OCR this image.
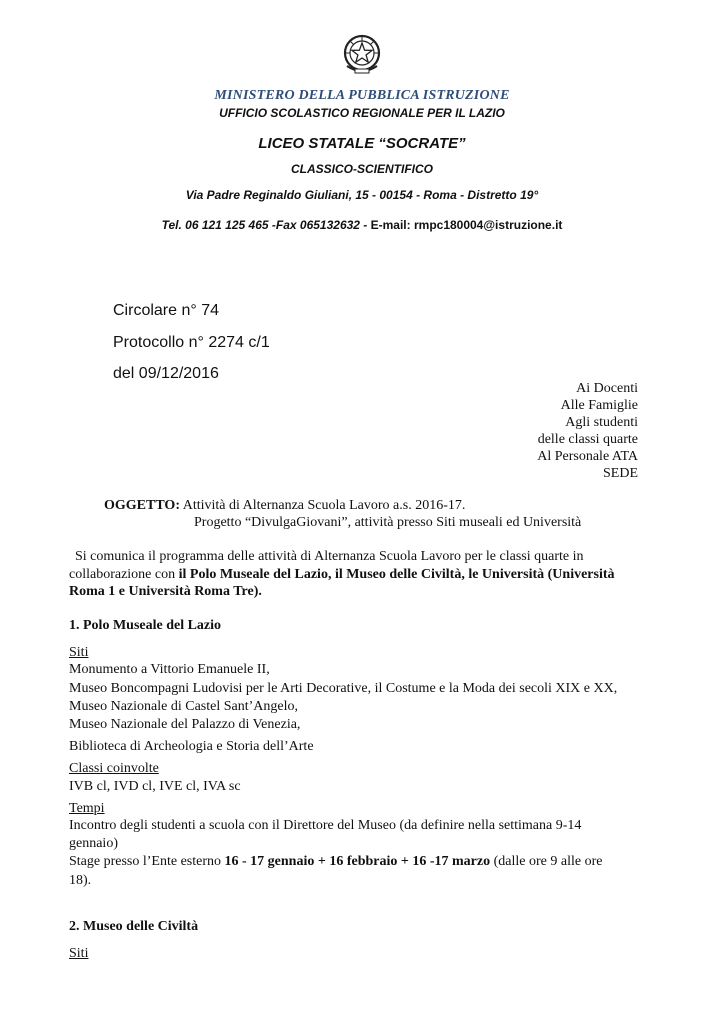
MINISTERO DELLA PUBBLICA ISTRUZIONE
UFFICIO SCOLASTICO REGIONALE PER IL LAZIO
LICEO STATALE “SOCRATE”
CLASSICO-SCIENTIFICO
Via Padre Reginaldo Giuliani, 15 - 00154 - Roma - Distretto 19°
Tel. 06 121 125 465 -Fax 065132632 - E-mail: rmpc180004@istruzione.it
Circolare n° 74
Protocollo n° 2274 c/1
del 09/12/2016
Ai Docenti
Alle Famiglie
Agli studenti
delle classi quarte
Al Personale ATA
SEDE
OGGETTO: Attività di Alternanza Scuola Lavoro a.s. 2016-17.
Progetto “DivulgaGiovani”, attività presso Siti museali ed Università
Si comunica il programma delle attività di Alternanza Scuola Lavoro per le classi quarte in
collaborazione con il Polo Museale del Lazio, il Museo delle Civiltà, le Università (Università
Roma 1 e Università Roma Tre).
1. Polo Museale del Lazio
Siti
Monumento a Vittorio Emanuele II,
Museo Boncompagni Ludovisi per le Arti Decorative, il Costume e la Moda dei secoli XIX e XX,
Museo Nazionale di Castel Sant’Angelo,
Museo Nazionale del Palazzo di Venezia,
Biblioteca di Archeologia e Storia dell’Arte
Classi coinvolte
IVB cl, IVD cl, IVE cl, IVA sc
Tempi
Incontro degli studenti a scuola con il Direttore del Museo (da definire nella settimana 9-14
gennaio)
Stage presso l’Ente esterno 16 - 17 gennaio + 16 febbraio + 16 -17 marzo (dalle ore 9 alle ore
18).
2. Museo delle Civiltà
Siti
